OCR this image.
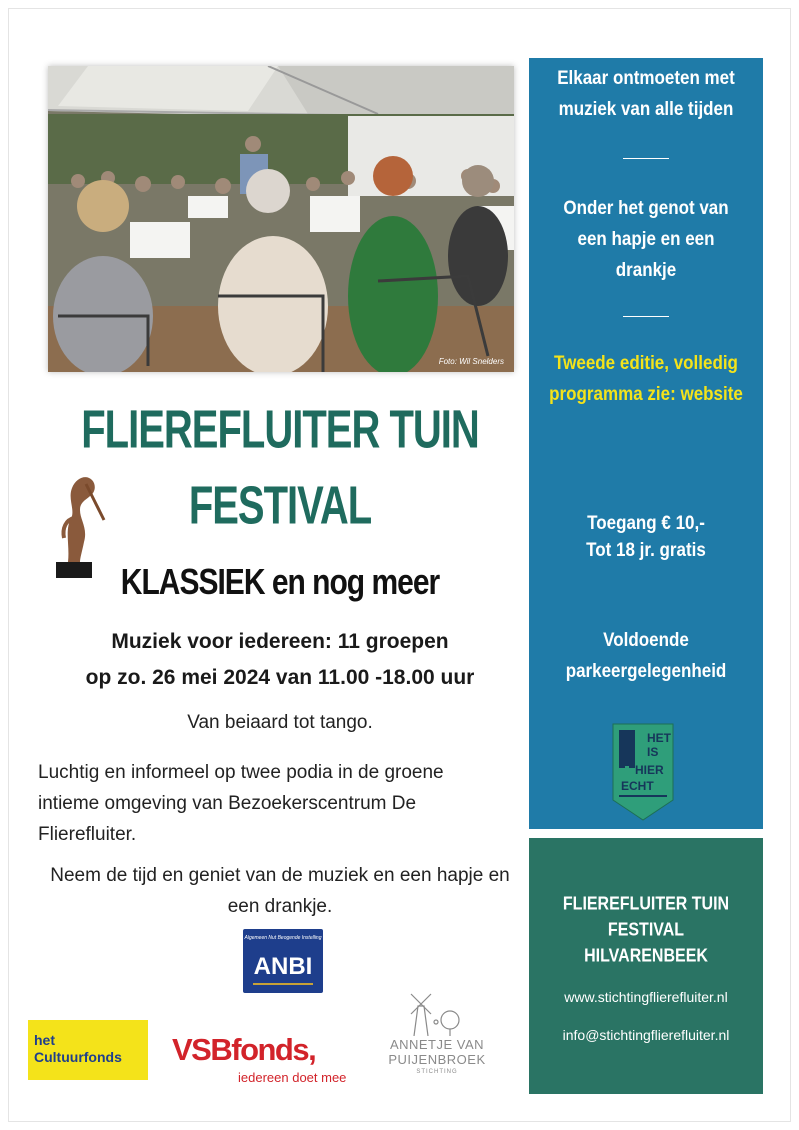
Foto: Wil Snelders
FLIEREFLUITER TUIN
FESTIVAL
KLASSIEK en nog meer
Muziek voor iedereen: 11 groepen
op zo. 26 mei 2024 van 11.00 -18.00 uur
Van beiaard tot tango.
Luchtig en informeel op twee podia in de groene intieme omgeving van Bezoekerscentrum De Flierefluiter.
Neem de tijd en geniet van de muziek en een hapje en een drankje.
Algemeen Nut Beogende Instelling
ANBI
het
Cultuurfonds VSBfonds,
iedereen doet mee
ANNETJE VAN
PUIJENBROEK
STICHTING
Elkaar ontmoeten met muziek van alle tijden
Onder het genot van een hapje en een drankje
Tweede editie, volledig programma zie: website
Toegang € 10,-
Tot 18 jr. gratis
Voldoende parkeergelegenheid
HET
IS
HIER
ECHT
FLIEREFLUITER TUIN
FESTIVAL
HILVARENBEEK
www.stichtingflierefluiter.nl
info@stichtingflierefluiter.nl
